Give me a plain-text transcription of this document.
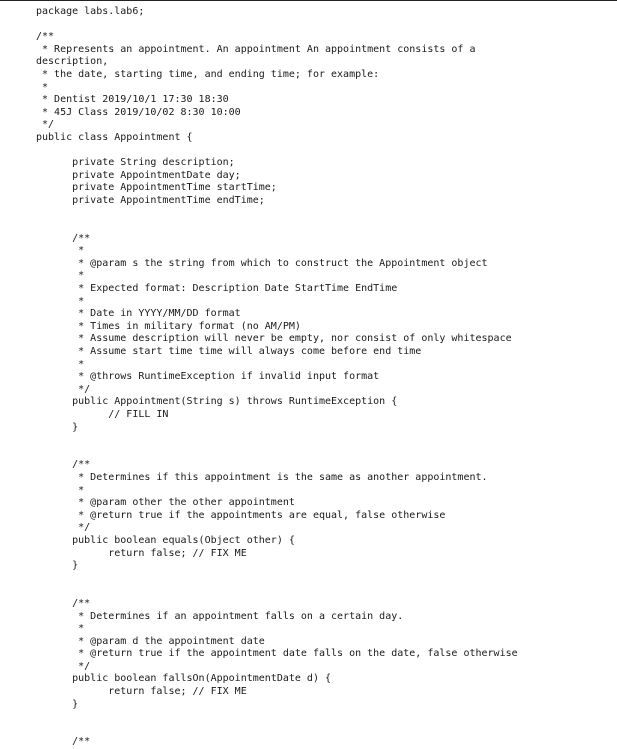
package labs.lab6;
/**
* Represents an appointment. An appointment An appointment consists of a
description,
* the date, starting time, and ending time; for example:
*
* Dentist 2019/10/1 17:30 18:30
* 45J Class 2019/10/02 8:30 10:00
*/
public class Appointment {
private String description;
private AppointmentDate day;
private AppointmentTime startTime;
private AppointmentTime endTime;
/**
*
* @param s the string from which to construct the Appointment object
*
* Expected format: Description Date StartTime EndTime
*
* Date in YYYY/MM/DD format
* Times in military format (no AM/PM)
* Assume description will never be empty, nor consist of only whitespace
* Assume start time time will always come before end time
*
* @throws RuntimeException if invalid input format
*/
public Appointment(String s) throws RuntimeException {
// FILL IN
}
/**
* Determines if this appointment is the same as another appointment.
*
* @param other the other appointment
* @return true if the appointments are equal, false otherwise
*/
public boolean equals(Object other) {
return false; // FIX ME
}
/**
* Determines if an appointment falls on a certain day.
*
* @param d the appointment date
* @return true if the appointment date falls on the date, false otherwise
*/
public boolean fallsOn(AppointmentDate d) {
return false; // FIX ME
}
/**
